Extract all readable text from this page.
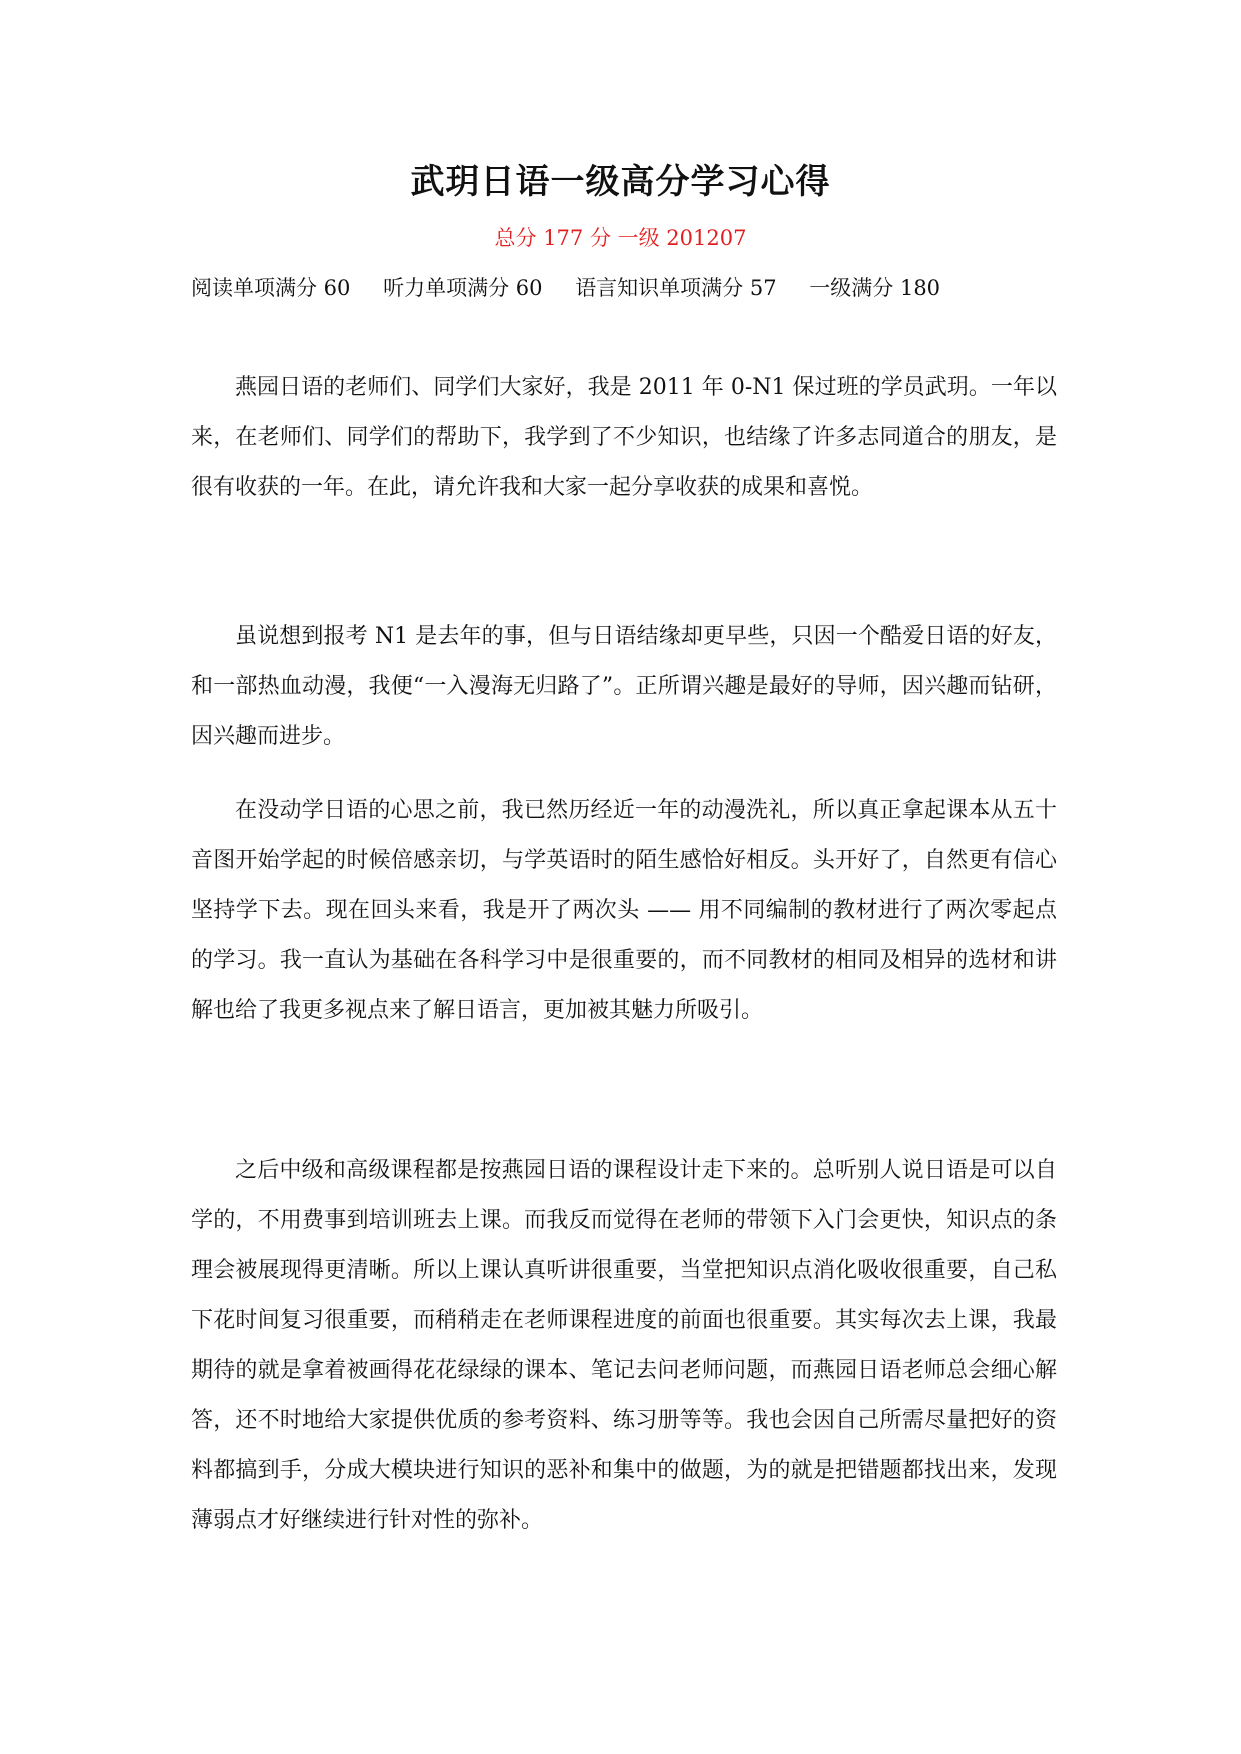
武玥日语一级高分学习心得
总分 177 分 一级 201207
阅读单项满分 60 听力单项满分 60 语言知识单项满分 57 一级满分 180

燕园日语的老师们、同学们大家好，我是 2011 年 0-N1 保过班的学员武玥。一年以来，在老师们、同学们的帮助下，我学到了不少知识，也结缘了许多志同道合的朋友，是很有收获的一年。在此，请允许我和大家一起分享收获的成果和喜悦。

虽说想到报考 N1 是去年的事，但与日语结缘却更早些，只因一个酷爱日语的好友，和一部热血动漫，我便“一入漫海无归路了”。正所谓兴趣是最好的导师，因兴趣而钻研，因兴趣而进步。

在没动学日语的心思之前，我已然历经近一年的动漫洗礼，所以真正拿起课本从五十音图开始学起的时候倍感亲切，与学英语时的陌生感恰好相反。头开好了，自然更有信心坚持学下去。现在回头来看，我是开了两次头 —— 用不同编制的教材进行了两次零起点的学习。我一直认为基础在各科学习中是很重要的，而不同教材的相同及相异的选材和讲解也给了我更多视点来了解日语言，更加被其魅力所吸引。

之后中级和高级课程都是按燕园日语的课程设计走下来的。总听别人说日语是可以自学的，不用费事到培训班去上课。而我反而觉得在老师的带领下入门会更快，知识点的条理会被展现得更清晰。所以上课认真听讲很重要，当堂把知识点消化吸收很重要，自己私下花时间复习很重要，而稍稍走在老师课程进度的前面也很重要。其实每次去上课，我最期待的就是拿着被画得花花绿绿的课本、笔记去问老师问题，而燕园日语老师总会细心解答，还不时地给大家提供优质的参考资料、练习册等等。我也会因自己所需尽量把好的资料都搞到手，分成大模块进行知识的恶补和集中的做题，为的就是把错题都找出来，发现薄弱点才好继续进行针对性的弥补。
